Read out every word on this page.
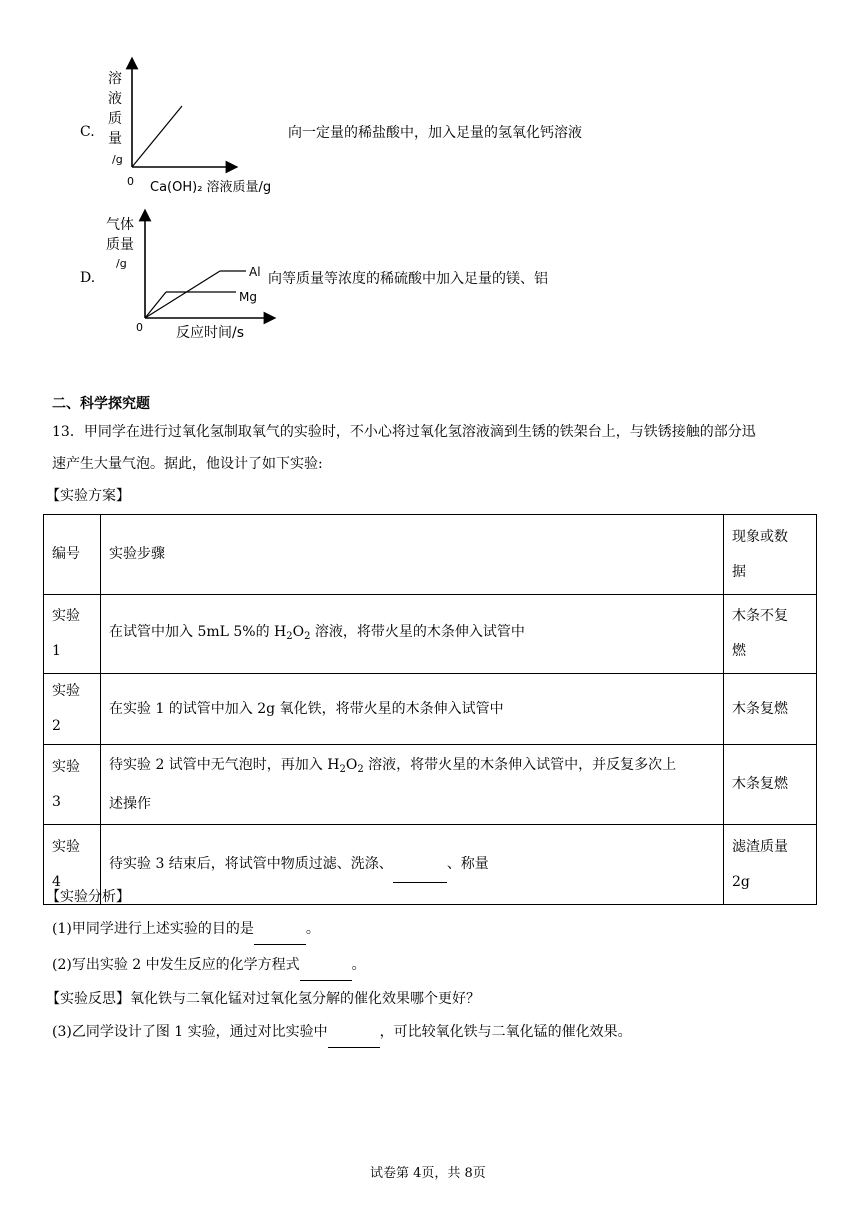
C.
溶
液
质
量
/g
0 Ca(OH)₂ 溶液质量/g
向一定量的稀盐酸中，加入足量的氢氧化钙溶液
D.
气体
质量
/g
Al
Mg
0 反应时间/s
向等质量等浓度的稀硫酸中加入足量的镁、铝
二、科学探究题
13．甲同学在进行过氧化氢制取氧气的实验时，不小心将过氧化氢溶液滴到生锈的铁架台上，与铁锈接触的部分迅
速产生大量气泡。据此，他设计了如下实验:
【实验方案】
编号	实验步骤	现象或数
据

实验 1	在试管中加入 5mL 5%的 $H_2O_2$ 溶液，将带火星的木条伸入试管中	木条不复
燃

实验 2	在实验 1 的试管中加入 2g 氧化铁，将带火星的木条伸入试管中	木条复燃
实验 3	待实验 2 试管中无气泡时，再加入 $H_2O_2$ 溶液，将带火星的木条伸入试管中，并反复多次上
述操作	木条复燃
实验 4	待实验 3 结束后，将试管中物质过滤、洗涤、 、称量	滤渣质量
2g
【实验分析】
(1)甲同学进行上述实验的目的是	。
(2)写出实验 2 中发生反应的化学方程式	。
【实验反思】氧化铁与二氧化锰对过氧化氢分解的催化效果哪个更好？
(3)乙同学设计了图 1 实验，通过对比实验中	，可比较氧化铁与二氧化锰的催化效果。
试卷第 4页，共 8页
